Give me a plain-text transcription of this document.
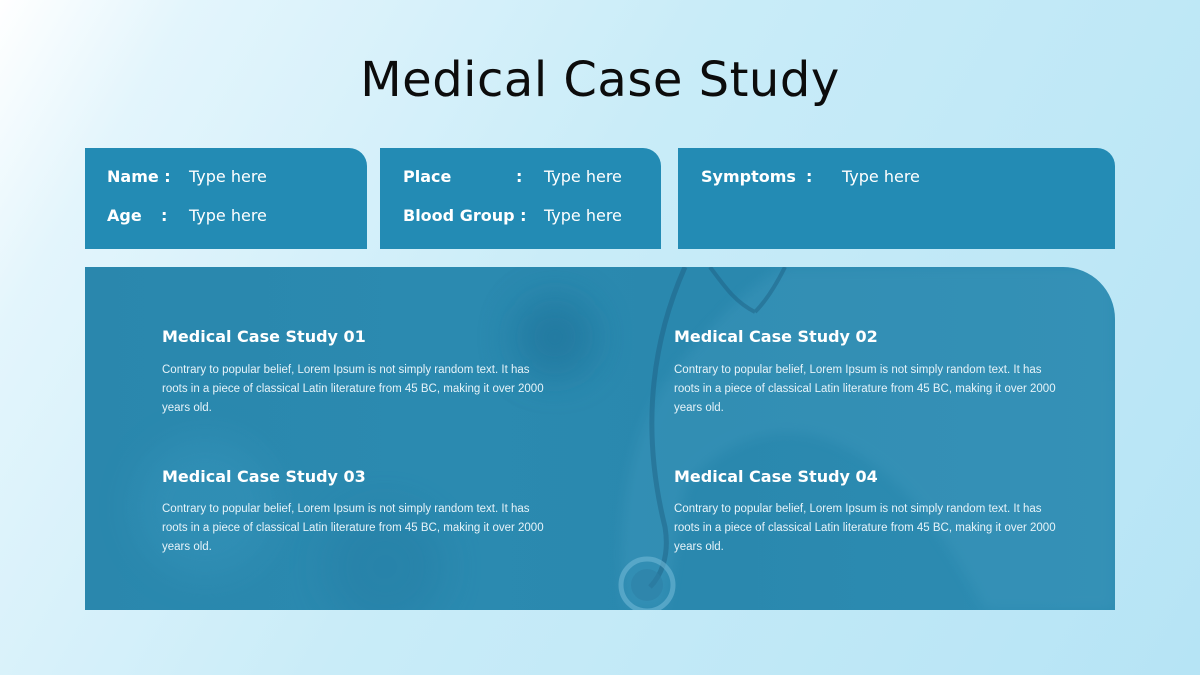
Medical Case Study
Name : Type here
Age : Type here
Place	: Type here
Blood Group : Type here
Symptoms : Type here
Medical Case Study 01
Contrary to popular belief, Lorem Ipsum is not simply random text. It has roots in a piece of classical Latin literature from 45 BC, making it over 2000 years old.
Medical Case Study 02
Contrary to popular belief, Lorem Ipsum is not simply random text. It has roots in a piece of classical Latin literature from 45 BC, making it over 2000 years old.
Medical Case Study 03
Contrary to popular belief, Lorem Ipsum is not simply random text. It has roots in a piece of classical Latin literature from 45 BC, making it over 2000 years old.
Medical Case Study 04
Contrary to popular belief, Lorem Ipsum is not simply random text. It has roots in a piece of classical Latin literature from 45 BC, making it over 2000 years old.
